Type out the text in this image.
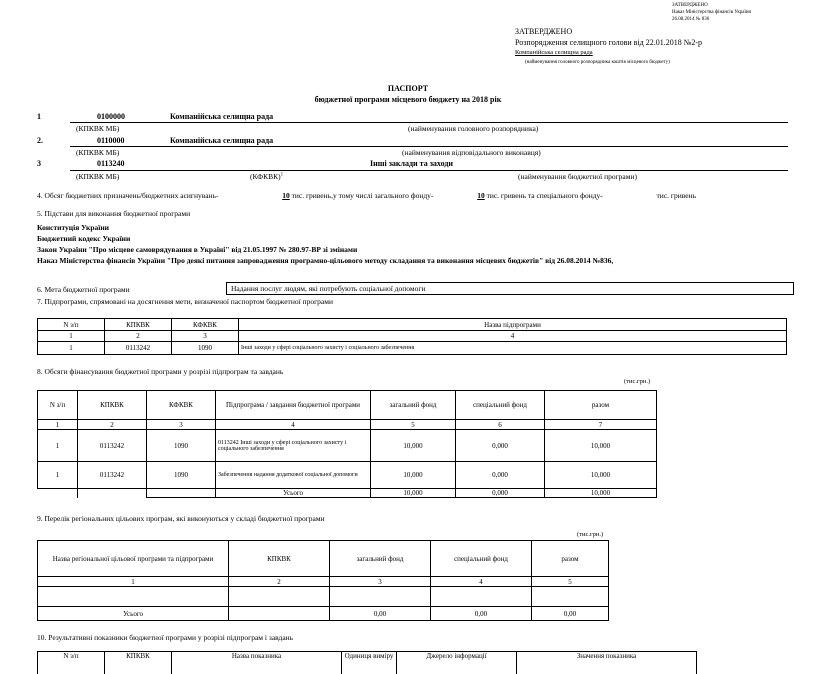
ЗАТВЕРДЖЕНО
Наказ Міністерства фінансів України
26.08.2014 № 836
ЗАТВЕРДЖЕНО
Розпорядження селищного голови від 22.01.2018 №2-р
Компанійська селищна рада
(найменування головного розпорядника коштів місцевого бюджету)
ПАСПОРТ
бюджетної програми місцевого бюджету на 2018 рік
1	0100000	Компанійська селищна рада
(КПКВК МБ)	(найменування головного розпорядника)
2.	0110000	Компанійська селищна рада
(КПКВК МБ)	(найменування відповідального виконавця)
3	0113240	Інші заклади та заходи
(КПКВК МБ)	(КФКВК)$^1$	(найменування бюджетної програми)
4. Обсяг бюджетних призначень/бюджетних асигнувань-	10 тис. гривень,у тому числі загального фонду-	10 тис. гривень та спеціального фонду-	тис. гривень
5. Підстави для виконання бюджетної програми
Конституція України
Бюджетний кодекс України
Закон України "Про місцеве самоврядування в Україні" від 21.05.1997 № 280.97-ВР зі змінами
Наказ Міністерства фінансів України "Про деякі питання запровадження програмно-цільового методу складання та виконання місцевих бюджетів" від 26.08.2014 №836,
6. Мета бюджетної програми	Надання послуг людям, які потребують соціальної допомоги
7. Підпрограми, спрямовані на досягнення мети, визначеної паспортом бюджетної програми
N з/п	КПКВК	КФКВК	Назва підпрограми
1	2	3	4
1	0113242	1090	Інші заходи у сфері соціального захисту і соціального забезпечення
8. Обсяги фінансування бюджетної програми у розрізі підпрограм та завдань
(тис.грн.)
N з/п	КПКВК	КФКВК	Підпрограма / завдання бюджетної програми	загальний фонд	спеціальний фонд	разом
1	2	3	4	5	6	7
1	0113242	1090	0113242 Інші заходи у сфері соціального захисту і соціального забезпечення	10,000	0,000	10,000
1	0113242	1090	Забезпечення надання додаткової соціальної допомоги	10,000	0,000	10,000
			Усього	10,000	0,000	10,000
9. Перелік регіональних цільових програм, які виконуються у складі бюджетної програми
(тис.грн.)
Назва регіональної цільової програми та підпрограми	КПКВК	загальний фонд	спеціальний фонд	разом
1	2	3	4	5

Усього		0,00	0,00	0,00
10. Результативні показники бюджетної програми у розрізі підпрограм і завдань
N з/п	КПКВК	Назва показника	Одиниця виміру	Джерело інформації	Значення показника
